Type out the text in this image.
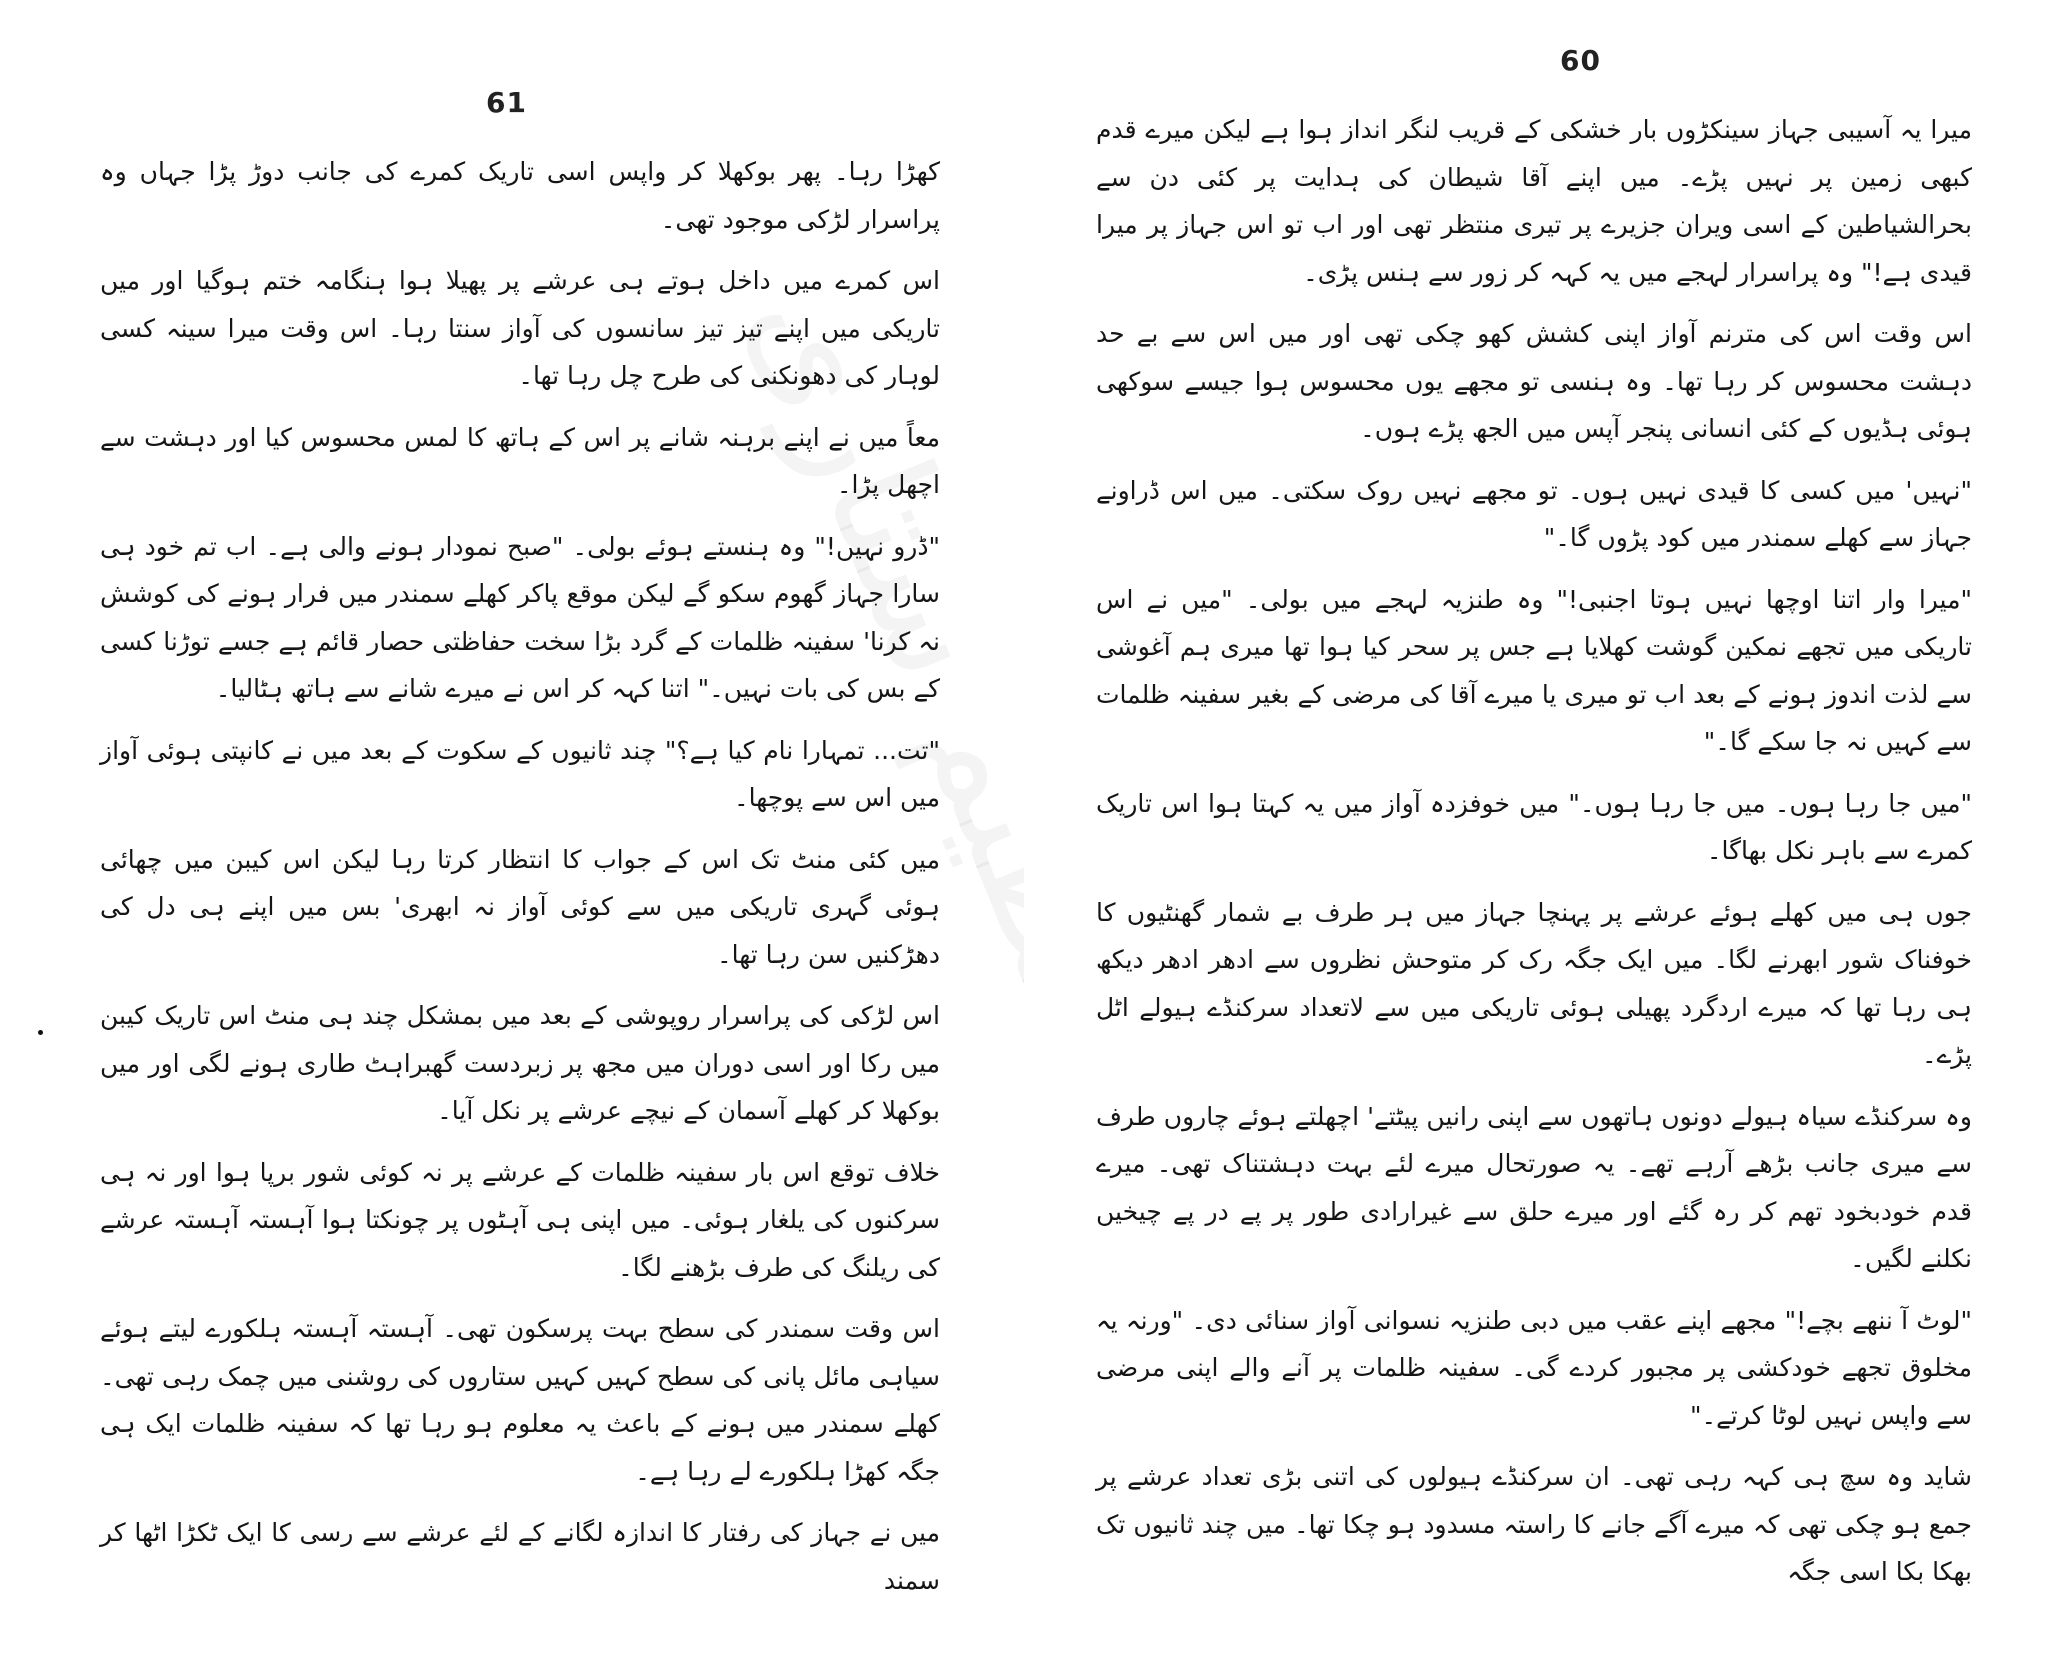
61

کھڑا رہا۔ پھر بوکھلا کر واپس اسی تاریک کمرے کی جانب دوڑ پڑا جہاں وہ پراسرار لڑکی موجود تھی۔

اس کمرے میں داخل ہوتے ہی عرشے پر پھیلا ہوا ہنگامہ ختم ہوگیا اور میں تاریکی میں اپنے تیز تیز سانسوں کی آواز سنتا رہا۔ اس وقت میرا سینہ کسی لوہار کی دھونکنی کی طرح چل رہا تھا۔

معاً میں نے اپنے برہنہ شانے پر اس کے ہاتھ کا لمس محسوس کیا اور دہشت سے اچھل پڑا۔

"ڈرو نہیں!" وہ ہنستے ہوئے بولی۔ "صبح نمودار ہونے والی ہے۔ اب تم خود ہی سارا جہاز گھوم سکو گے لیکن موقع پاکر کھلے سمندر میں فرار ہونے کی کوشش نہ کرنا' سفینہ ظلمات کے گرد بڑا سخت حفاظتی حصار قائم ہے جسے توڑنا کسی کے بس کی بات نہیں۔" اتنا کہہ کر اس نے میرے شانے سے ہاتھ ہٹالیا۔

"تت... تمہارا نام کیا ہے؟" چند ثانیوں کے سکوت کے بعد میں نے کانپتی ہوئی آواز میں اس سے پوچھا۔

میں کئی منٹ تک اس کے جواب کا انتظار کرتا رہا لیکن اس کیبن میں چھائی ہوئی گہری تاریکی میں سے کوئی آواز نہ ابھری' بس میں اپنے ہی دل کی دھڑکنیں سن رہا تھا۔

اس لڑکی کی پراسرار روپوشی کے بعد میں بمشکل چند ہی منٹ اس تاریک کیبن میں رکا اور اسی دوران میں مجھ پر زبردست گھبراہٹ طاری ہونے لگی اور میں بوکھلا کر کھلے آسمان کے نیچے عرشے پر نکل آیا۔

خلاف توقع اس بار سفینہ ظلمات کے عرشے پر نہ کوئی شور برپا ہوا اور نہ ہی سرکنوں کی یلغار ہوئی۔ میں اپنی ہی آہٹوں پر چونکتا ہوا آہستہ آہستہ عرشے کی ریلنگ کی طرف بڑھنے لگا۔

اس وقت سمندر کی سطح بہت پرسکون تھی۔ آہستہ آہستہ ہلکورے لیتے ہوئے سیاہی مائل پانی کی سطح کہیں کہیں ستاروں کی روشنی میں چمک رہی تھی۔ کھلے سمندر میں ہونے کے باعث یہ معلوم ہو رہا تھا کہ سفینہ ظلمات ایک ہی جگہ کھڑا ہلکورے لے رہا ہے۔

میں نے جہاز کی رفتار کا اندازہ لگانے کے لئے عرشے سے رسی کا ایک ٹکڑا اٹھا کر سمند

60

میرا یہ آسیبی جہاز سینکڑوں بار خشکی کے قریب لنگر انداز ہوا ہے لیکن میرے قدم کبھی زمین پر نہیں پڑے۔ میں اپنے آقا شیطان کی ہدایت پر کئی دن سے بحرالشیاطین کے اسی ویران جزیرے پر تیری منتظر تھی اور اب تو اس جہاز پر میرا قیدی ہے!" وہ پراسرار لہجے میں یہ کہہ کر زور سے ہنس پڑی۔

اس وقت اس کی مترنم آواز اپنی کشش کھو چکی تھی اور میں اس سے بے حد دہشت محسوس کر رہا تھا۔ وہ ہنسی تو مجھے یوں محسوس ہوا جیسے سوکھی ہوئی ہڈیوں کے کئی انسانی پنجر آپس میں الجھ پڑے ہوں۔

"نہیں' میں کسی کا قیدی نہیں ہوں۔ تو مجھے نہیں روک سکتی۔ میں اس ڈراونے جہاز سے کھلے سمندر میں کود پڑوں گا۔"

"میرا وار اتنا اوچھا نہیں ہوتا اجنبی!" وہ طنزیہ لہجے میں بولی۔ "میں نے اس تاریکی میں تجھے نمکین گوشت کھلایا ہے جس پر سحر کیا ہوا تھا میری ہم آغوشی سے لذت اندوز ہونے کے بعد اب تو میری یا میرے آقا کی مرضی کے بغیر سفینہ ظلمات سے کہیں نہ جا سکے گا۔"

"میں جا رہا ہوں۔ میں جا رہا ہوں۔" میں خوفزدہ آواز میں یہ کہتا ہوا اس تاریک کمرے سے باہر نکل بھاگا۔

جوں ہی میں کھلے ہوئے عرشے پر پہنچا جہاز میں ہر طرف بے شمار گھنٹیوں کا خوفناک شور ابھرنے لگا۔ میں ایک جگہ رک کر متوحش نظروں سے ادھر ادھر دیکھ ہی رہا تھا کہ میرے اردگرد پھیلی ہوئی تاریکی میں سے لاتعداد سرکنڈے ہیولے اٹل پڑے۔

وہ سرکنڈے سیاہ ہیولے دونوں ہاتھوں سے اپنی رانیں پیٹتے' اچھلتے ہوئے چاروں طرف سے میری جانب بڑھے آرہے تھے۔ یہ صورتحال میرے لئے بہت دہشتناک تھی۔ میرے قدم خودبخود تھم کر رہ گئے اور میرے حلق سے غیرارادی طور پر پے در پے چیخیں نکلنے لگیں۔

"لوٹ آ ننھے بچے!" مجھے اپنے عقب میں دبی طنزیہ نسوانی آواز سنائی دی۔ "ورنہ یہ مخلوق تجھے خودکشی پر مجبور کردے گی۔ سفینہ ظلمات پر آنے والے اپنی مرضی سے واپس نہیں لوٹا کرتے۔"

شاید وہ سچ ہی کہہ رہی تھی۔ ان سرکنڈے ہیولوں کی اتنی بڑی تعداد عرشے پر جمع ہو چکی تھی کہ میرے آگے جانے کا راستہ مسدود ہو چکا تھا۔ میں چند ثانیوں تک بھکا بکا اسی جگہ
